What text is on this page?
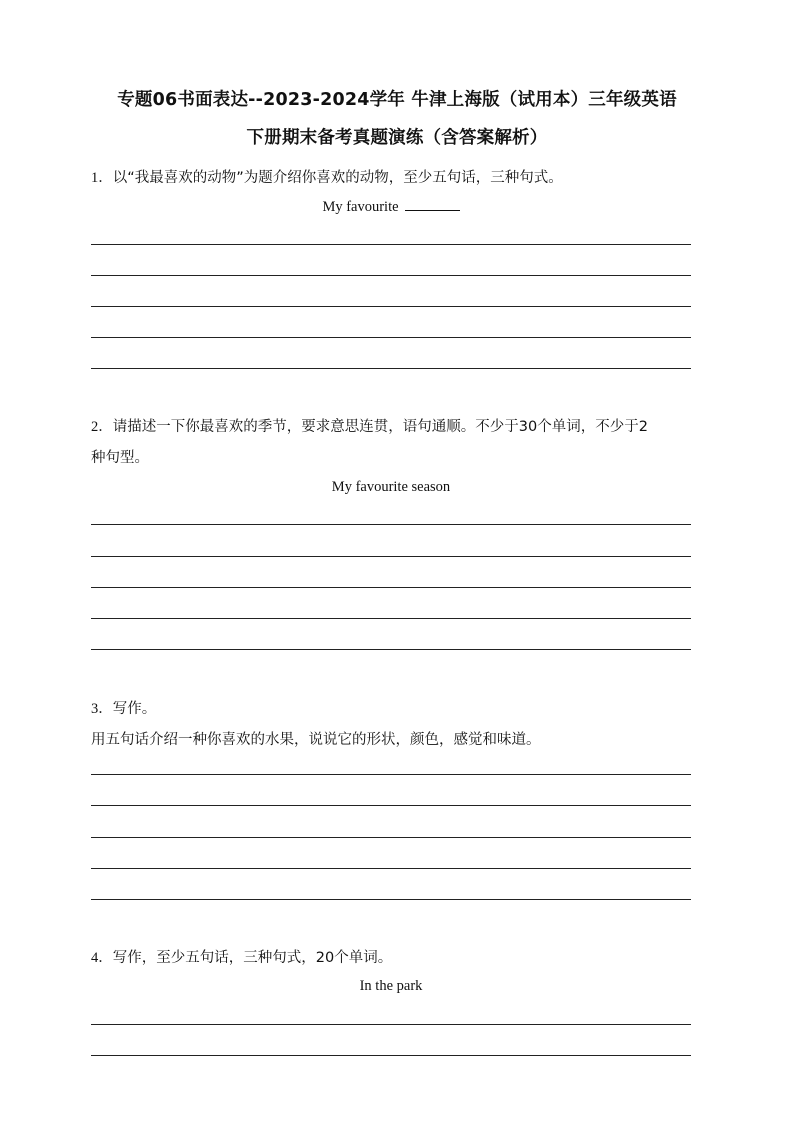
专题06书面表达--2023-2024学年 牛津上海版（试用本）三年级英语
下册期末备考真题演练（含答案解析）
1．以“我最喜欢的动物”为题介绍你喜欢的动物，至少五句话，三种句式。
My favourite
2．请描述一下你最喜欢的季节，要求意思连贯，语句通顺。不少于30个单词，不少于2
种句型。
My favourite season
3．写作。
用五句话介绍一种你喜欢的水果，说说它的形状，颜色，感觉和味道。
4．写作，至少五句话，三种句式，20个单词。
In the park
